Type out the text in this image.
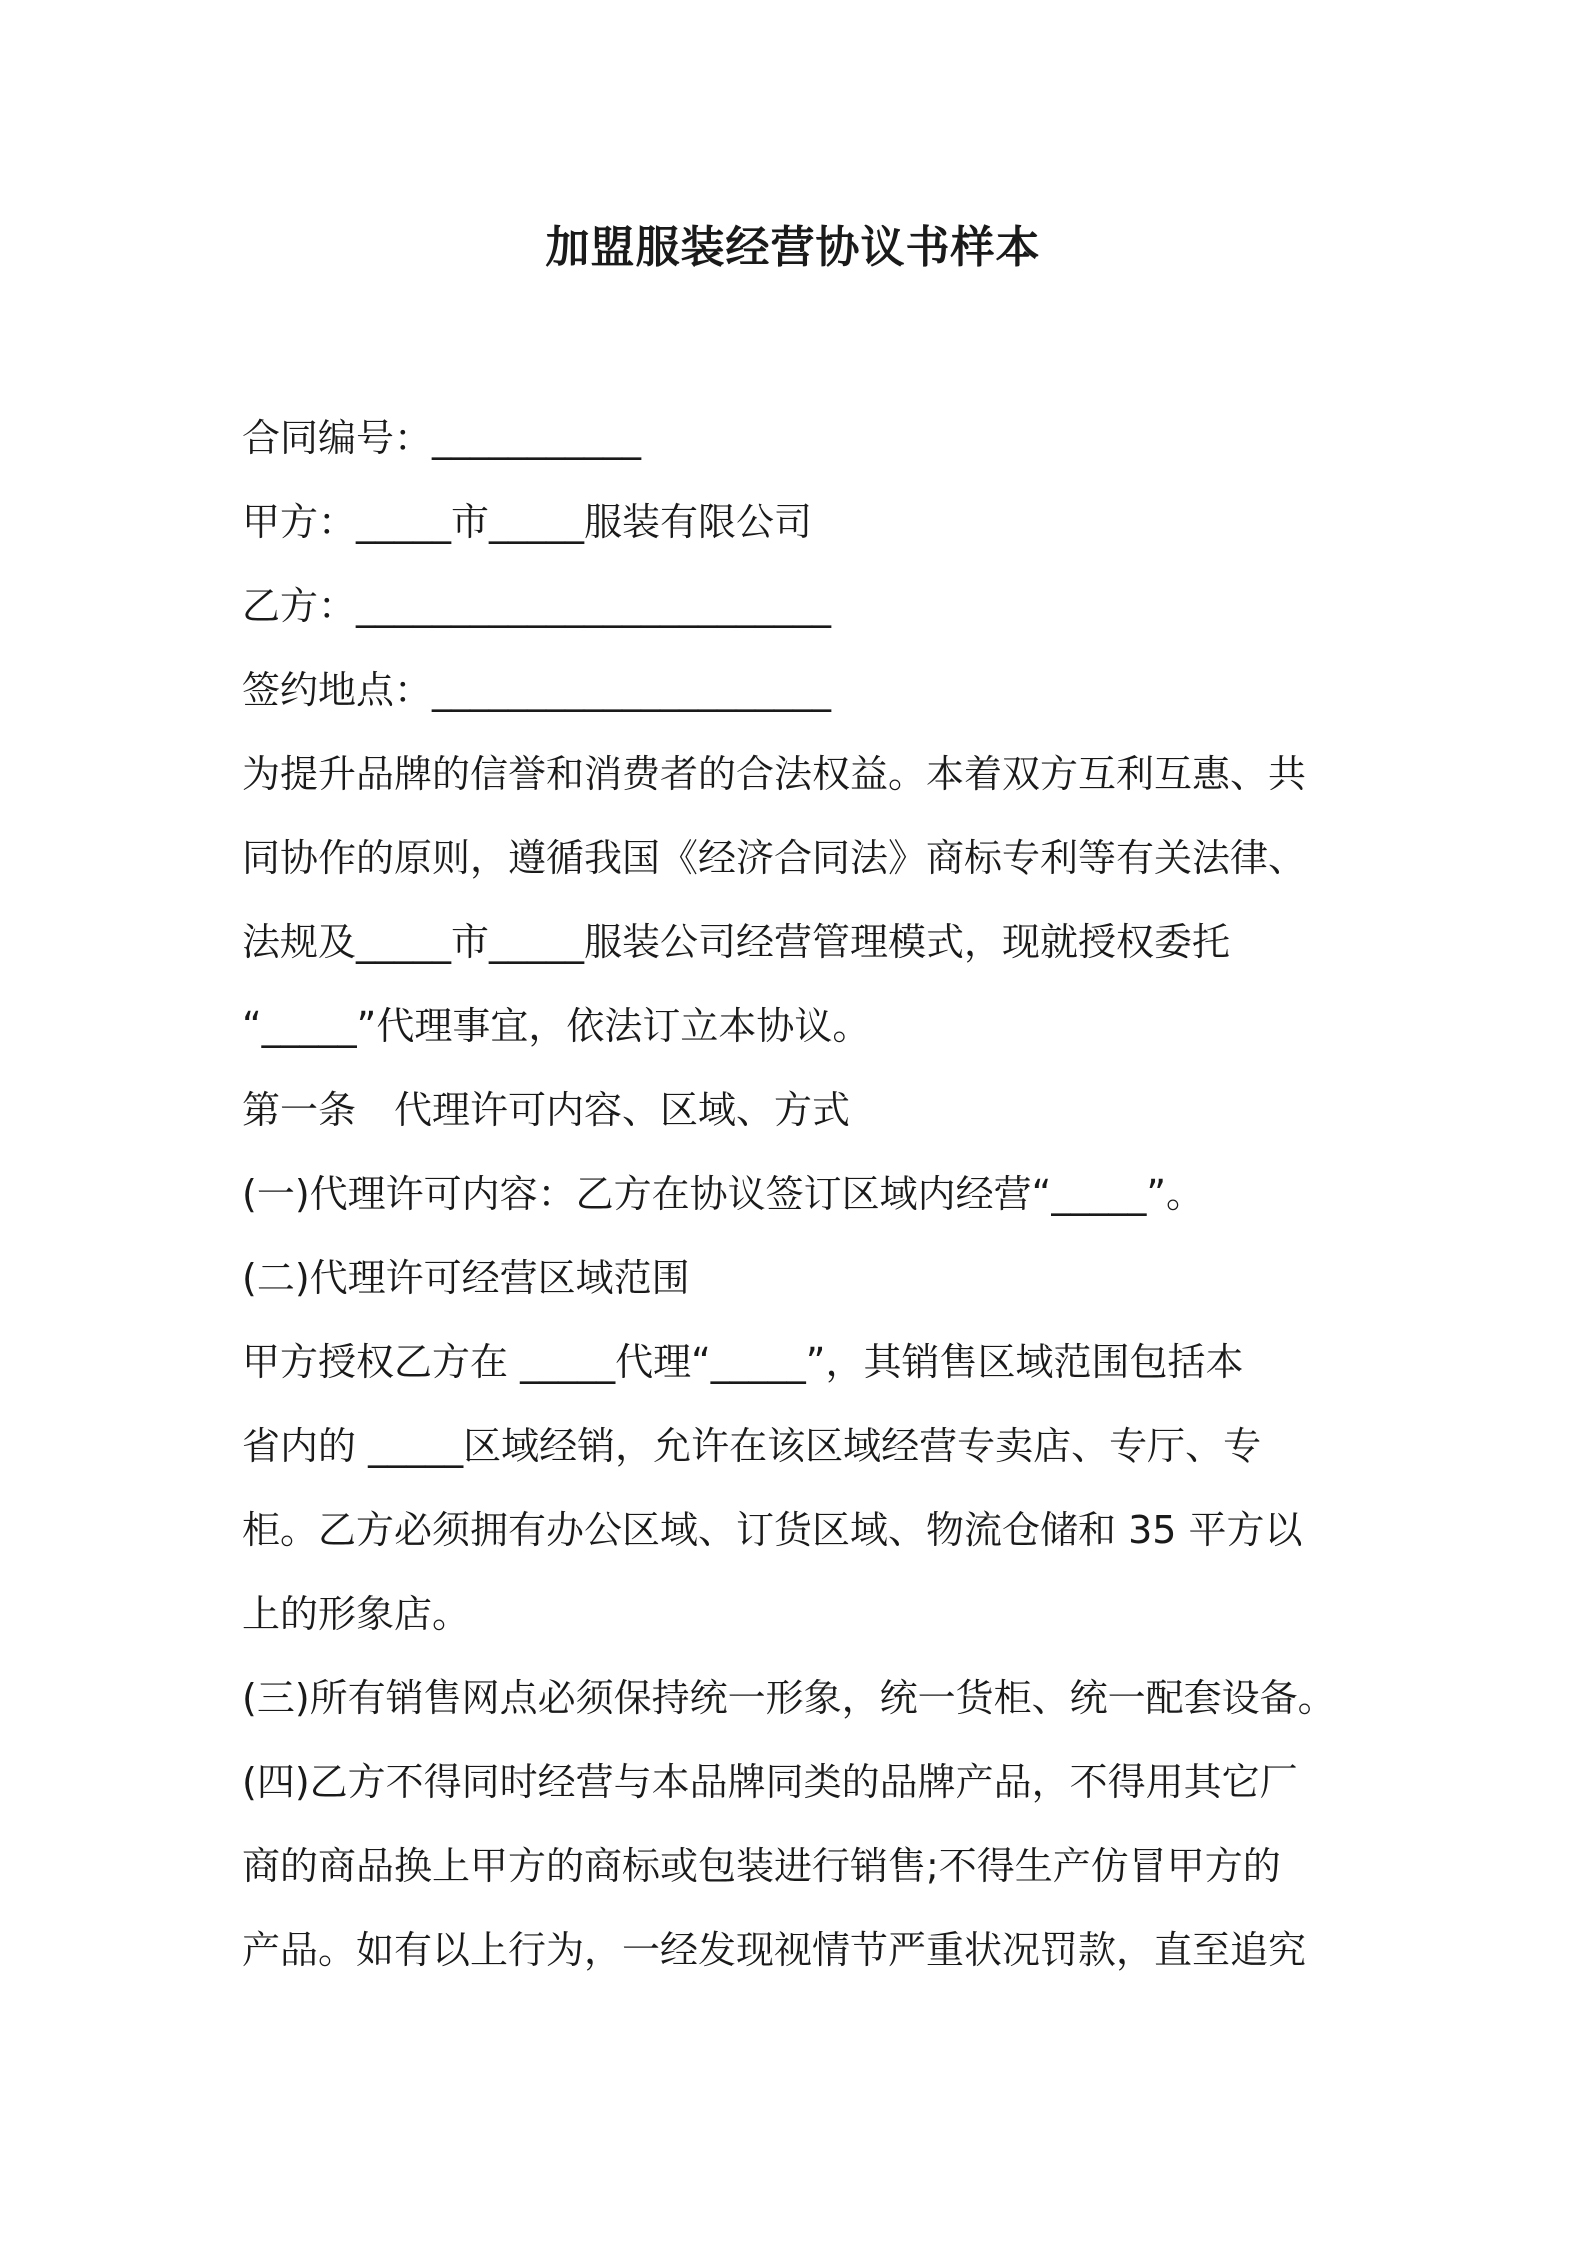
加盟服装经营协议书样本
合同编号：___________
甲方：_____市_____服装有限公司
乙方：_________________________
签约地点：_____________________
为提升品牌的信誉和消费者的合法权益。本着双方互利互惠、共
同协作的原则，遵循我国《经济合同法》商标专利等有关法律、
法规及_____市_____服装公司经营管理模式，现就授权委托
“_____”代理事宜，依法订立本协议。
第一条　代理许可内容、区域、方式
(一)代理许可内容：乙方在协议签订区域内经营“_____”。
(二)代理许可经营区域范围
甲方授权乙方在 _____代理“_____”，其销售区域范围包括本
省内的 _____区域经销，允许在该区域经营专卖店、专厅、专
柜。乙方必须拥有办公区域、订货区域、物流仓储和 35 平方以
上的形象店。
(三)所有销售网点必须保持统一形象，统一货柜、统一配套设备。
(四)乙方不得同时经营与本品牌同类的品牌产品，不得用其它厂
商的商品换上甲方的商标或包装进行销售;不得生产仿冒甲方的
产品。如有以上行为，一经发现视情节严重状况罚款，直至追究
